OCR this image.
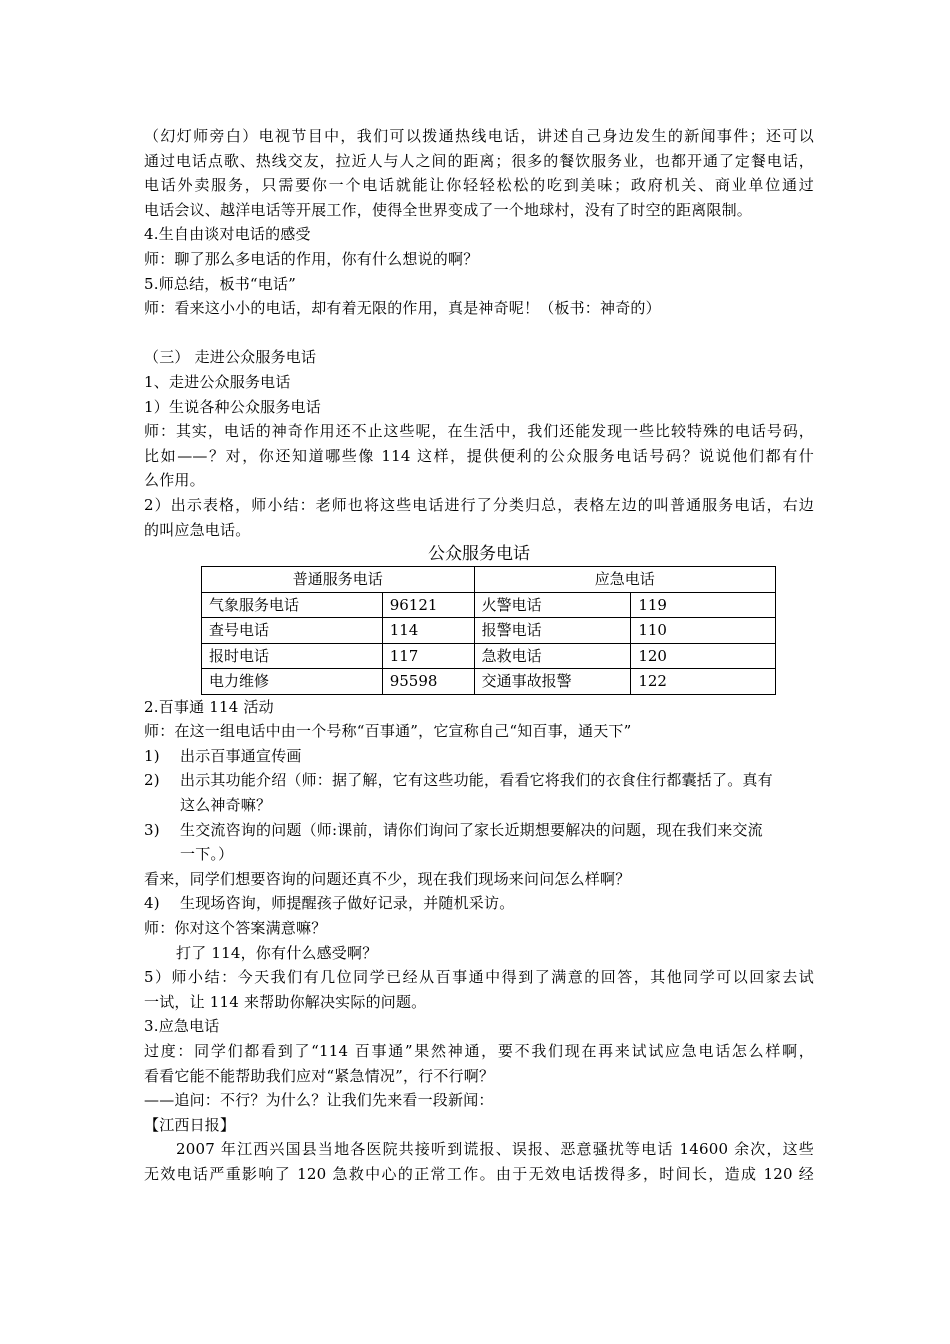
（幻灯师旁白）电视节目中，我们可以拨通热线电话，讲述自己身边发生的新闻事件；还可以
通过电话点歌、热线交友，拉近人与人之间的距离；很多的餐饮服务业，也都开通了定餐电话，
电话外卖服务，只需要你一个电话就能让你轻轻松松的吃到美味；政府机关、商业单位通过
电话会议、越洋电话等开展工作，使得全世界变成了一个地球村，没有了时空的距离限制。
4.生自由谈对电话的感受
师：聊了那么多电话的作用，你有什么想说的啊？
5.师总结，板书“电话”
师：看来这小小的电话，却有着无限的作用，真是神奇呢！（板书：神奇的）
（三） 走进公众服务电话
1、走进公众服务电话
1）生说各种公众服务电话
师：其实，电话的神奇作用还不止这些呢，在生活中，我们还能发现一些比较特殊的电话号码，
比如——？对，你还知道哪些像 114 这样，提供便利的公众服务电话号码？说说他们都有什
么作用。
2）出示表格，师小结：老师也将这些电话进行了分类归总，表格左边的叫普通服务电话，右边
的叫应急电话。
公众服务电话
普通服务电话		应急电话	
气象服务电话	96121	火警电话	119
查号电话	114	报警电话	110
报时电话	117	急救电话	120
电力维修	95598	交通事故报警	122
2.百事通 114 活动
师：在这一组电话中由一个号称“百事通”，它宣称自己“知百事，通天下”
1) 出示百事通宣传画
2) 出示其功能介绍（师：据了解，它有这些功能，看看它将我们的衣食住行都囊括了。真有
这么神奇嘛？
3) 生交流咨询的问题（师:课前，请你们询问了家长近期想要解决的问题，现在我们来交流
一下。）
看来，同学们想要咨询的问题还真不少，现在我们现场来问问怎么样啊？
4) 生现场咨询，师提醒孩子做好记录，并随机采访。
师：你对这个答案满意嘛？
打了 114，你有什么感受啊？
5）师小结：今天我们有几位同学已经从百事通中得到了满意的回答，其他同学可以回家去试
一试，让 114 来帮助你解决实际的问题。
3.应急电话
过度：同学们都看到了“114 百事通”果然神通，要不我们现在再来试试应急电话怎么样啊，
看看它能不能帮助我们应对“紧急情况”，行不行啊？
——追问：不行？为什么？让我们先来看一段新闻：
【江西日报】
2007 年江西兴国县当地各医院共接听到谎报、误报、恶意骚扰等电话 14600 余次，这些
无效电话严重影响了 120 急救中心的正常工作。由于无效电话拨得多，时间长，造成 120 经
